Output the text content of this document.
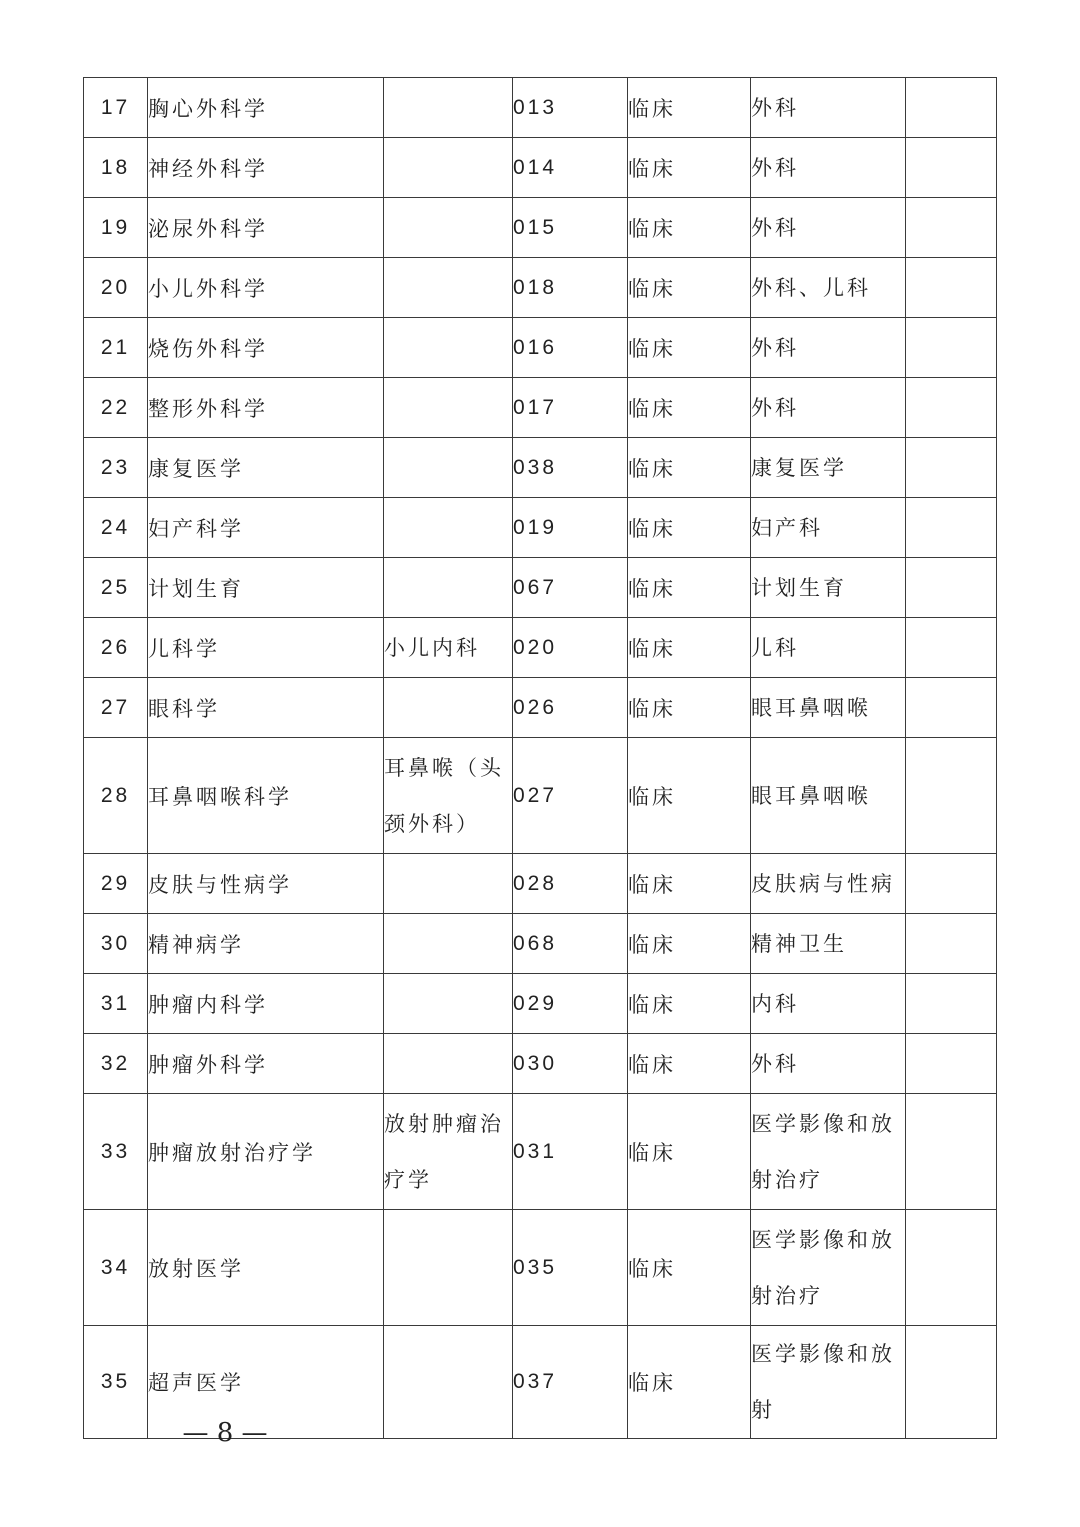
17	胸心外科学		013	临床	外科	
18	神经外科学		014	临床	外科	
19	泌尿外科学		015	临床	外科	
20	小儿外科学		018	临床	外科、儿科	
21	烧伤外科学		016	临床	外科	
22	整形外科学		017	临床	外科	
23	康复医学		038	临床	康复医学	
24	妇产科学		019	临床	妇产科	
25	计划生育		067	临床	计划生育	
26	儿科学	小儿内科	020	临床	儿科	
27	眼科学		026	临床	眼耳鼻咽喉	
28	耳鼻咽喉科学	耳鼻喉（头颈外科）	027	临床	眼耳鼻咽喉	
29	皮肤与性病学		028	临床	皮肤病与性病	
30	精神病学		068	临床	精神卫生	
31	肿瘤内科学		029	临床	内科	
32	肿瘤外科学		030	临床	外科	
33	肿瘤放射治疗学	放射肿瘤治疗学	031	临床	医学影像和放射治疗	
34	放射医学		035	临床	医学影像和放射治疗	
35	超声医学		037	临床	医学影像和放射	
— 8 —
